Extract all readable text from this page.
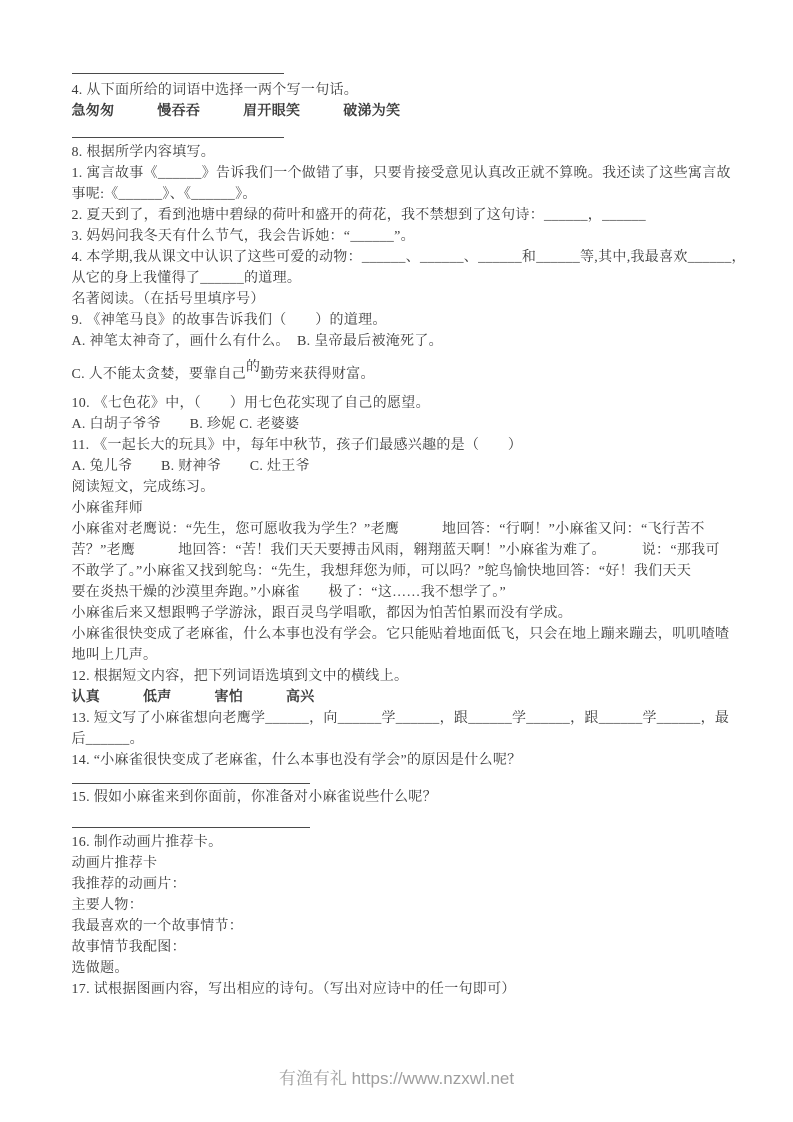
4. 从下面所给的词语中选择一两个写一句话。

急匆匆　　　慢吞吞　　　眉开眼笑　　　破涕为笑

8. 根据所学内容填写。

1. 寓言故事《______》告诉我们一个做错了事，只要肯接受意见认真改正就不算晚。我还读了这些寓言故

事呢:《______》、《______》。

2. 夏天到了，看到池塘中碧绿的荷叶和盛开的荷花，我不禁想到了这句诗：______，______

3. 妈妈问我冬天有什么节气，我会告诉她：“______”。

4. 本学期,我从课文中认识了这些可爱的动物：______、______、______和______等,其中,我最喜欢______，

从它的身上我懂得了______的道理。

名著阅读。（在括号里填序号）

9. 《神笔马良》的故事告诉我们（　　）的道理。

A. 神笔太神奇了，画什么有什么。　B. 皇帝最后被淹死了。

C. 人不能太贪婪，要靠自己的勤劳来获得财富。

10. 《七色花》中，（　　）用七色花实现了自己的愿望。

A. 白胡子爷爷　　B. 珍妮 C. 老婆婆

11. 《一起长大的玩具》中，每年中秋节，孩子们最感兴趣的是（　　）

A. 兔儿爷　　B. 财神爷　　C. 灶王爷

阅读短文，完成练习。

小麻雀拜师

小麻雀对老鹰说：“先生，您可愿收我为学生？”老鹰　　　地回答：“行啊！”小麻雀又问：“飞行苦不

苦？”老鹰　　　地回答：“苦！我们天天要搏击风雨，翱翔蓝天啊！”小麻雀为难了。　　　说：“那我可

不敢学了。”小麻雀又找到鸵鸟：“先生，我想拜您为师，可以吗？”鸵鸟愉快地回答：“好！我们天天

要在炎热干燥的沙漠里奔跑。”小麻雀　　极了：“这……我不想学了。”

小麻雀后来又想跟鸭子学游泳，跟百灵鸟学唱歌，都因为怕苦怕累而没有学成。

小麻雀很快变成了老麻雀，什么本事也没有学会。它只能贴着地面低飞，只会在地上蹦来蹦去，叽叽喳喳

地叫上几声。

12. 根据短文内容，把下列词语选填到文中的横线上。

认真　　　低声　　　害怕　　　高兴

13. 短文写了小麻雀想向老鹰学______，向______学______，跟______学______，跟______学______，最

后______。

14. “小麻雀很快变成了老麻雀，什么本事也没有学会”的原因是什么呢？

15. 假如小麻雀来到你面前，你准备对小麻雀说些什么呢？

16. 制作动画片推荐卡。

动画片推荐卡

我推荐的动画片：

主要人物：

我最喜欢的一个故事情节：

故事情节我配图：

选做题。

17. 试根据图画内容，写出相应的诗句。（写出对应诗中的任一句即可）

有渔有礼 https://www.nzxwl.net
